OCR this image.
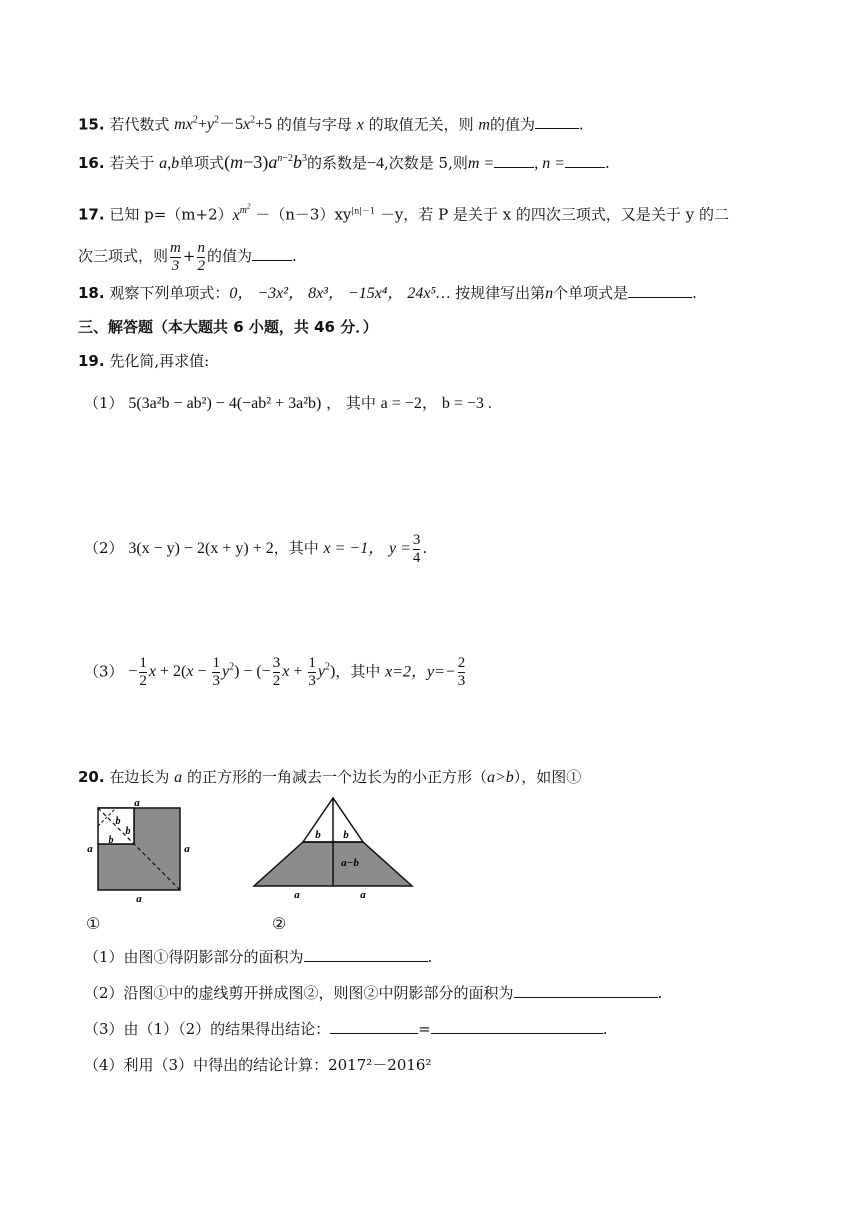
15. 若代数式 $mx^2+y^2-5x^2+5$ 的值与字母 x 的取值无关，则 m的值为	.
16. 若关于 a,b单项式$(m-3)a^{n-2}b^3$的系数是−4,次数是 5,则m =	, n =	.
17. 已知 $p=(m+2)x^{m^2} -(n-3)xy^{|n|-1} -y$，若 P 是关于 x 的四次三项式，又是关于 y 的二
次三项式，则 $\frac{m}{3} + \frac{n}{2}$ 的值为	.
18. 观察下列单项式：0， −3x²， 8x³， −15x⁴， 24x⁵… 按规律写出第n个单项式是	.
三、解答题（本大题共 6 小题，共 46 分．）
19. 先化简,再求值:
（1） 5(3a²b − ab²) − 4(−ab² + 3a²b) ， 其中 a = −2， b = −3 .
（2） 3(x − y) − 2(x + y) + 2，其中 x = −1， $y = \frac{3}{4}$ .
$(3) - \frac{1}{2}$ $x + 2(x - \frac{1}{3} y^2)$ − (− $\frac{3}{2}$ $x + \frac{1}{3} y^2$)，其中 x=2，$y=- \frac{2}{3}$
20. 在边长为 a 的正方形的一角减去一个边长为的小正方形（a>b），如图①
a
a	a
a
b
b
b	b b
a−b
a	a
①	②
（1）由图①得阴影部分的面积为	.
（2）沿图①中的虚线剪开拼成图②，则图②中阴影部分的面积为	.
（3）由（1）（2）的结果得出结论：	=	.
（4）利用（3）中得出的结论计算：2017²－2016²
